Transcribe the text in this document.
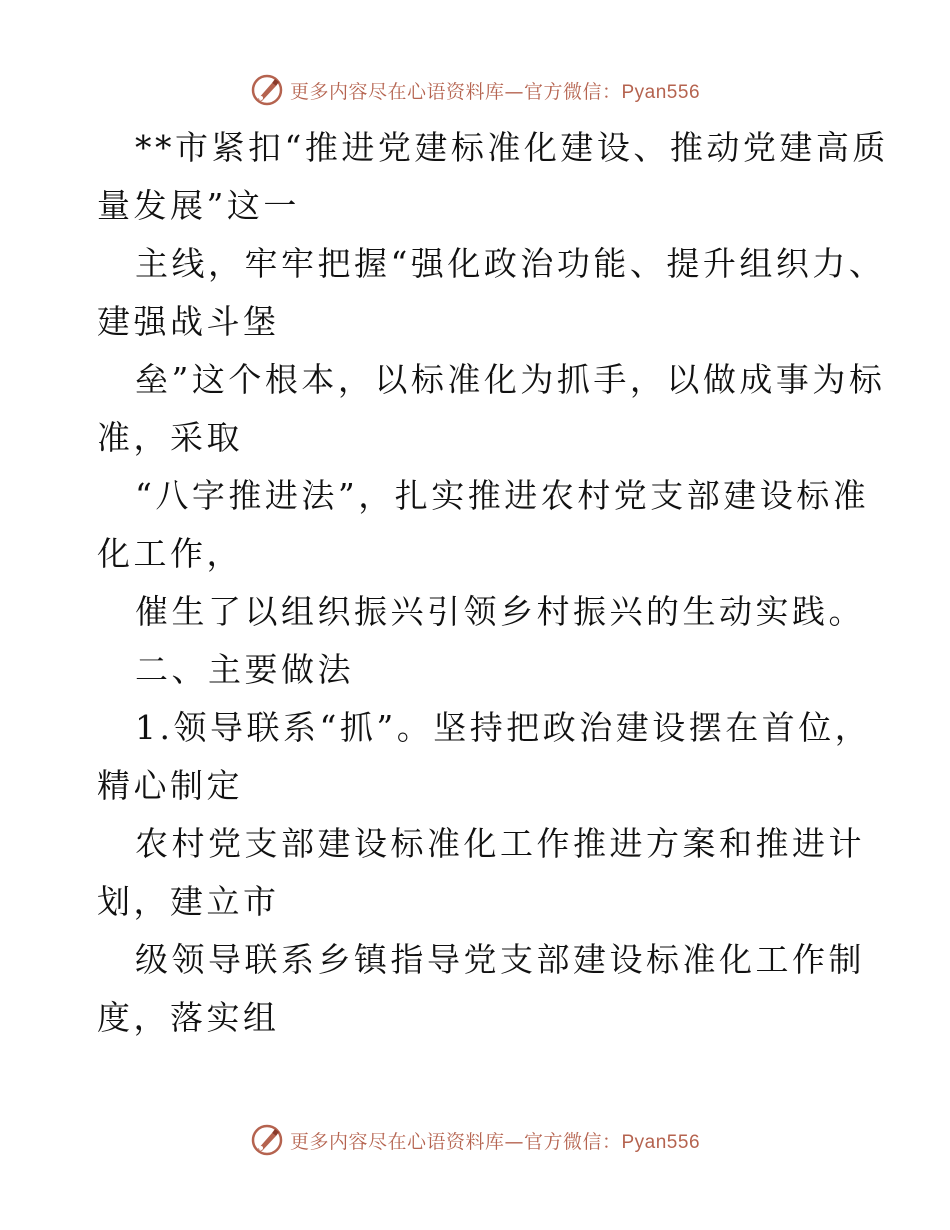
更多内容尽在心语资料库—官方微信：Pyan556
**市紧扣“推进党建标准化建设、推动党建高质
量发展”这一
主线，牢牢把握“强化政治功能、提升组织力、
建强战斗堡
垒”这个根本，以标准化为抓手，以做成事为标
准，采取
“八字推进法”，扎实推进农村党支部建设标准
化工作，
催生了以组织振兴引领乡村振兴的生动实践。
二、主要做法
1.领导联系“抓”。坚持把政治建设摆在首位，
精心制定
农村党支部建设标准化工作推进方案和推进计
划，建立市
级领导联系乡镇指导党支部建设标准化工作制
度，落实组
更多内容尽在心语资料库—官方微信：Pyan556
